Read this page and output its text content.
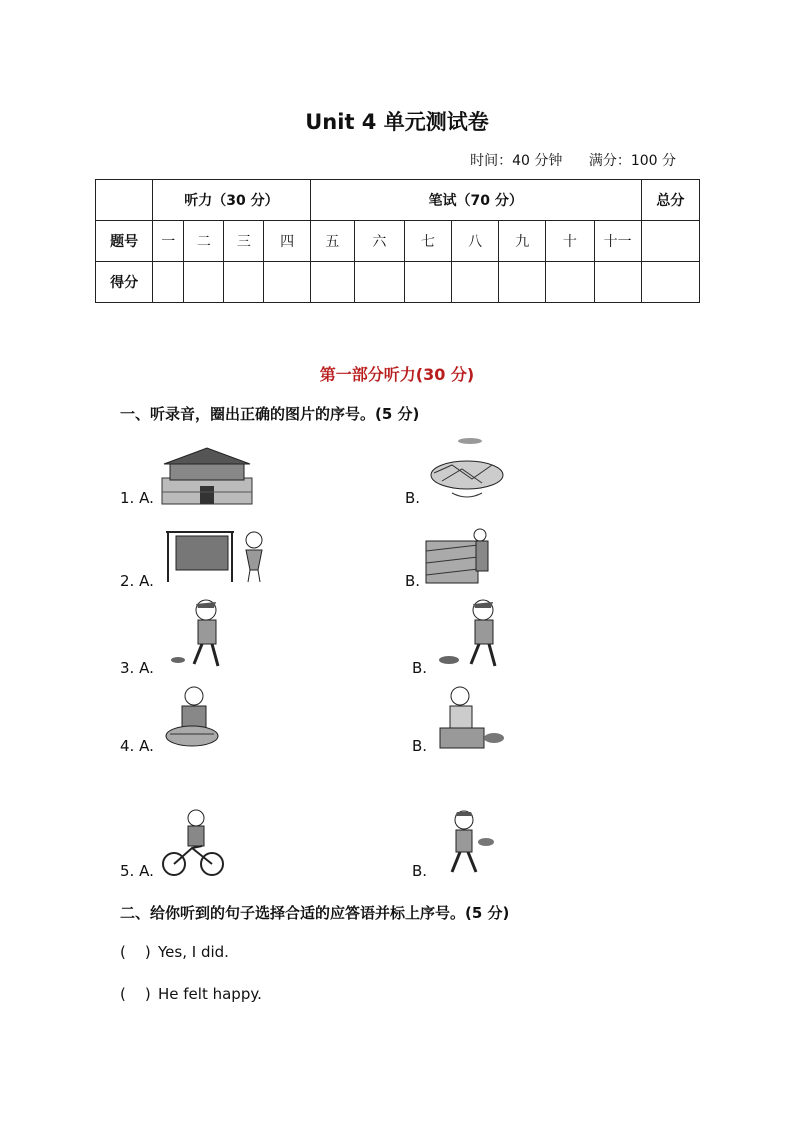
Unit 4 单元测试卷
时间：40 分钟 满分：100 分
	听力（30 分）				笔试（70 分）							总分
题号	一	二	三	四	五	六	七	八	九	十	十一	
得分												
第一部分听力(30 分)
一、听录音，圈出正确的图片的序号。(5 分)
1. A.	B.
2. A.	B.
3. A.	B.
4. A.	B.
5. A.	B.
二、给你听到的句子选择合适的应答语并标上序号。(5 分)
(    ) Yes, I did.
(    ) He felt happy.
